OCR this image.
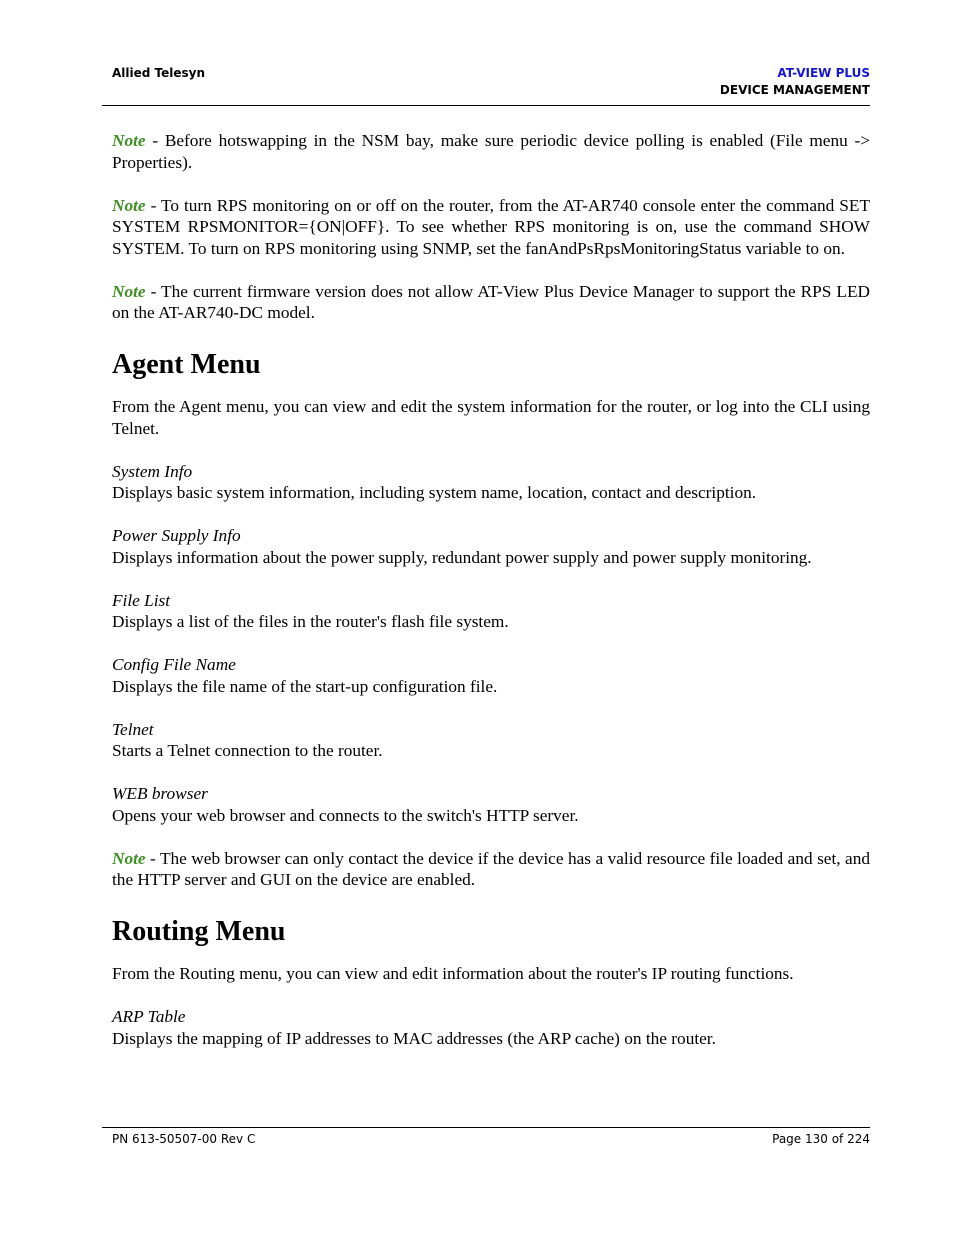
Allied Telesyn	AT-VIEW PLUS
DEVICE MANAGEMENT

Note - Before hotswapping in the NSM bay, make sure periodic device polling is enabled (File menu -> Properties).

Note - To turn RPS monitoring on or off on the router, from the AT-AR740 console enter the command SET SYSTEM RPSMONITOR={ON|OFF}. To see whether RPS monitoring is on, use the command SHOW SYSTEM. To turn on RPS monitoring using SNMP, set the fanAndPsRpsMonitoringStatus variable to on.

Note - The current firmware version does not allow AT-View Plus Device Manager to support the RPS LED on the AT-AR740-DC model.

Agent Menu

From the Agent menu, you can view and edit the system information for the router, or log into the CLI using Telnet.

System Info

Displays basic system information, including system name, location, contact and description.

Power Supply Info

Displays information about the power supply, redundant power supply and power supply monitoring.

File List

Displays a list of the files in the router's flash file system.

Config File Name

Displays the file name of the start-up configuration file.

Telnet

Starts a Telnet connection to the router.

WEB browser

Opens your web browser and connects to the switch's HTTP server.

Note - The web browser can only contact the device if the device has a valid resource file loaded and set, and the HTTP server and GUI on the device are enabled.

Routing Menu

From the Routing menu, you can view and edit information about the router's IP routing functions.

ARP Table

Displays the mapping of IP addresses to MAC addresses (the ARP cache) on the router.

PN 613-50507-00 Rev C	Page 130 of 224
